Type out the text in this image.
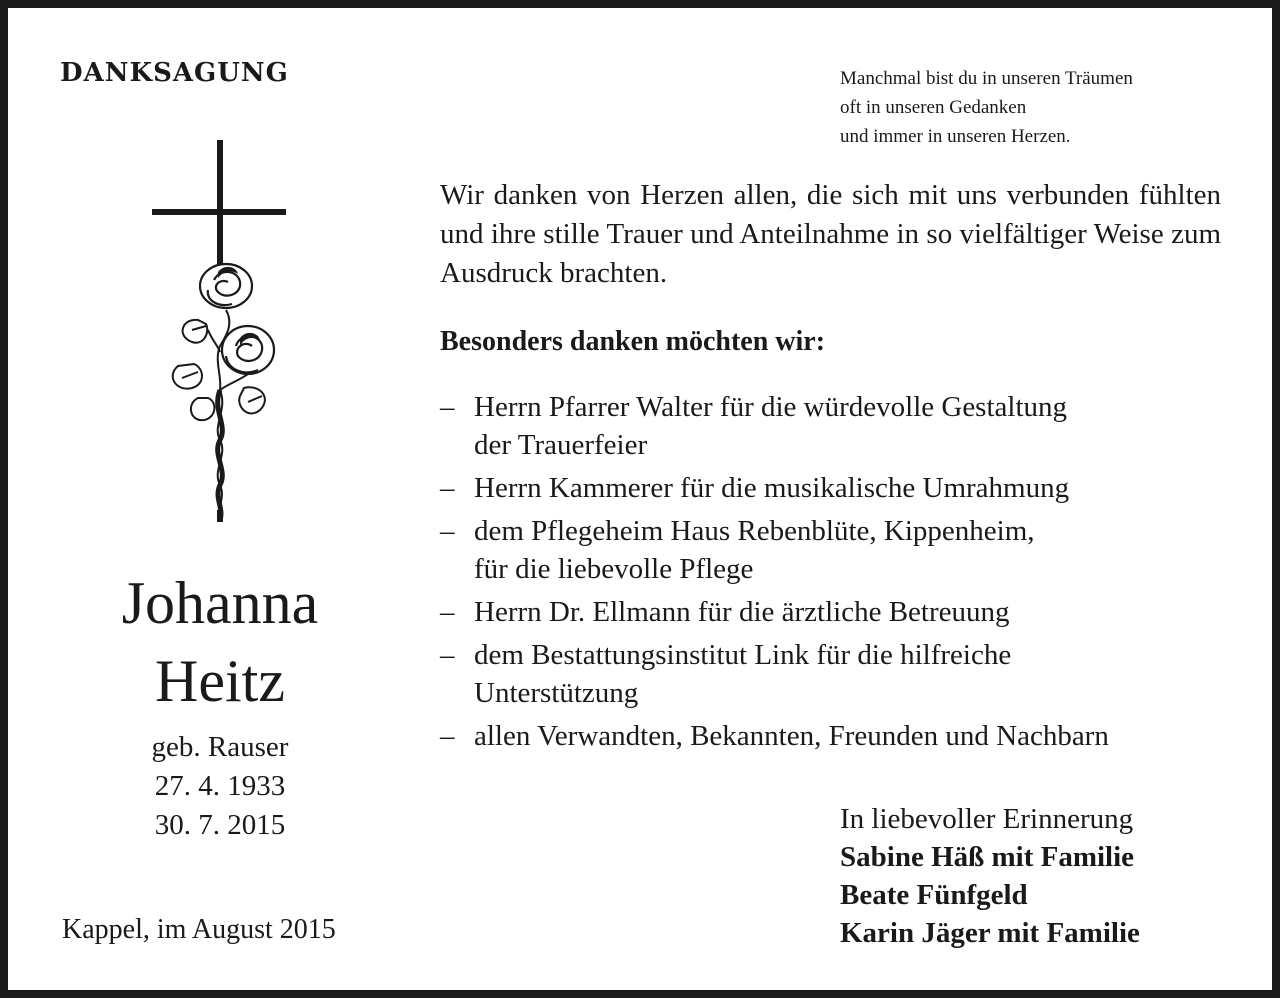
DANKSAGUNG	Manchmal bist du in unseren Träumen
oft in unseren Gedanken
und immer in unseren Herzen.
Johanna
Heitz
geb. Rauser
27. 4. 1933
30. 7. 2015
Kappel, im August 2015
Wir danken von Herzen allen, die sich mit uns verbunden fühlten und ihre stille Trauer und Anteilnahme in so vielfältiger Weise zum Ausdruck brachten.
Besonders danken möchten wir:
– Herrn Pfarrer Walter für die würdevolle Gestaltung
der Trauerfeier
– Herrn Kammerer für die musikalische Umrahmung
– dem Pflegeheim Haus Rebenblüte, Kippenheim,
für die liebevolle Pflege
– Herrn Dr. Ellmann für die ärztliche Betreuung
– dem Bestattungsinstitut Link für die hilfreiche
Unterstützung
– allen Verwandten, Bekannten, Freunden und Nachbarn
In liebevoller Erinnerung
Sabine Häß mit Familie
Beate Fünfgeld
Karin Jäger mit Familie
